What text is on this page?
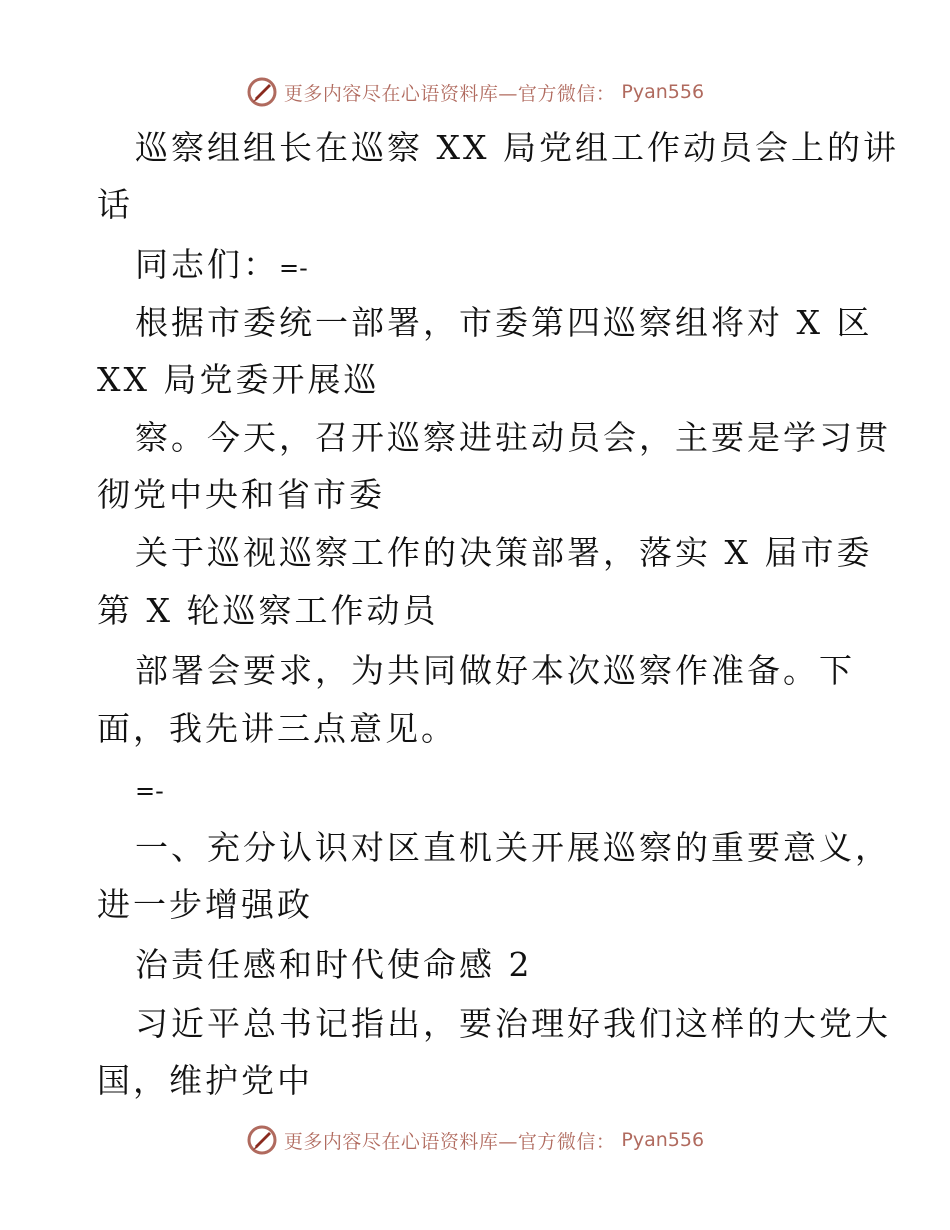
更多内容尽在心语资料库—官方微信： Pyan556
巡察组组长在巡察 XX 局党组工作动员会上的讲
话
同志们：=-
根据市委统一部署，市委第四巡察组将对 X 区
XX 局党委开展巡
察。今天，召开巡察进驻动员会，主要是学习贯
彻党中央和省市委
关于巡视巡察工作的决策部署，落实 X 届市委
第 X 轮巡察工作动员
部署会要求，为共同做好本次巡察作准备。下
面，我先讲三点意见。
=-
一、充分认识对区直机关开展巡察的重要意义，
进一步增强政
治责任感和时代使命感 2
习近平总书记指出，要治理好我们这样的大党大
国，维护党中
更多内容尽在心语资料库—官方微信： Pyan556
